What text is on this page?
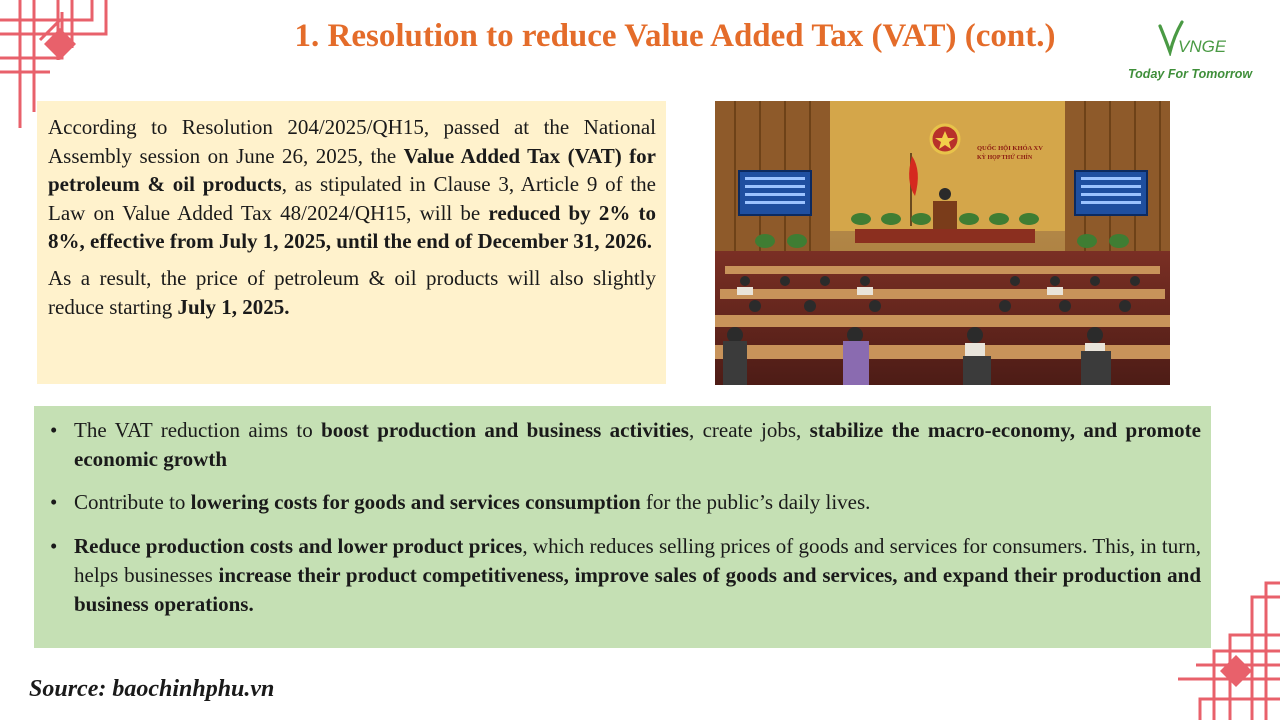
1. Resolution to reduce Value Added Tax (VAT) (cont.)	VNGE
Today For Tomorrow

According to Resolution 204/2025/QH15, passed at the National Assembly session on June 26, 2025, the Value Added Tax (VAT) for petroleum & oil products, as stipulated in Clause 3, Article 9 of the Law on Value Added Tax 48/2024/QH15, will be reduced by 2% to 8%, effective from July 1, 2025, until the end of December 31, 2026.

As a result, the price of petroleum & oil products will also slightly reduce starting July 1, 2025.

QUỐC HỘI KHÓA XV
KỲ HỌP THỨ CHÍN
• The VAT reduction aims to boost production and business activities, create jobs, stabilize the macro-economy, and promote economic growth
• Contribute to lowering costs for goods and services consumption for the public’s daily lives.
• Reduce production costs and lower product prices, which reduces selling prices of goods and services for consumers. This, in turn, helps businesses increase their product competitiveness, improve sales of goods and services, and expand their production and business operations.
Source: baochinhphu.vn
